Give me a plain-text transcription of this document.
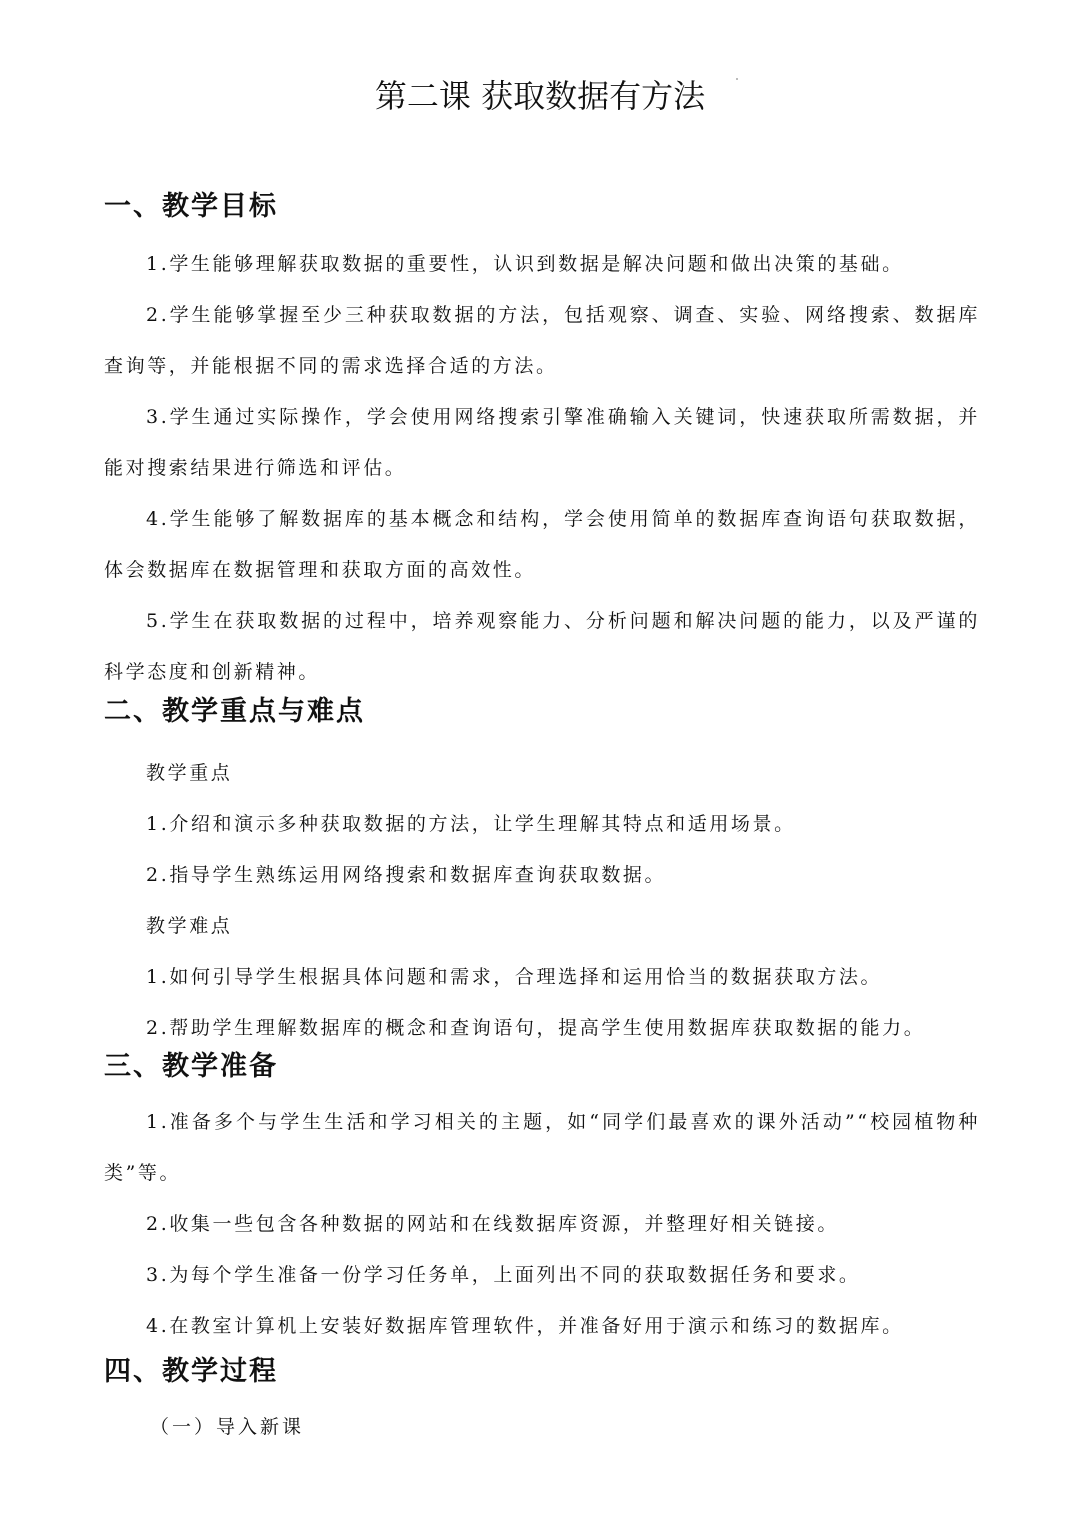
第二课 获取数据有方法
一、教学目标

1.学生能够理解获取数据的重要性，认识到数据是解决问题和做出决策的基础。

2.学生能够掌握至少三种获取数据的方法，包括观察、调查、实验、网络搜索、数据库查询等，并能根据不同的需求选择合适的方法。

3.学生通过实际操作，学会使用网络搜索引擎准确输入关键词，快速获取所需数据，并能对搜索结果进行筛选和评估。

4.学生能够了解数据库的基本概念和结构，学会使用简单的数据库查询语句获取数据，体会数据库在数据管理和获取方面的高效性。

5.学生在获取数据的过程中，培养观察能力、分析问题和解决问题的能力，以及严谨的科学态度和创新精神。

二、教学重点与难点

教学重点

1.介绍和演示多种获取数据的方法，让学生理解其特点和适用场景。

2.指导学生熟练运用网络搜索和数据库查询获取数据。

教学难点

1.如何引导学生根据具体问题和需求，合理选择和运用恰当的数据获取方法。

2.帮助学生理解数据库的概念和查询语句，提高学生使用数据库获取数据的能力。

三、教学准备

1.准备多个与学生生活和学习相关的主题，如“同学们最喜欢的课外活动”“校园植物种类”等。

2.收集一些包含各种数据的网站和在线数据库资源，并整理好相关链接。

3.为每个学生准备一份学习任务单，上面列出不同的获取数据任务和要求。

4.在教室计算机上安装好数据库管理软件，并准备好用于演示和练习的数据库。

四、教学过程

（一）导入新课
